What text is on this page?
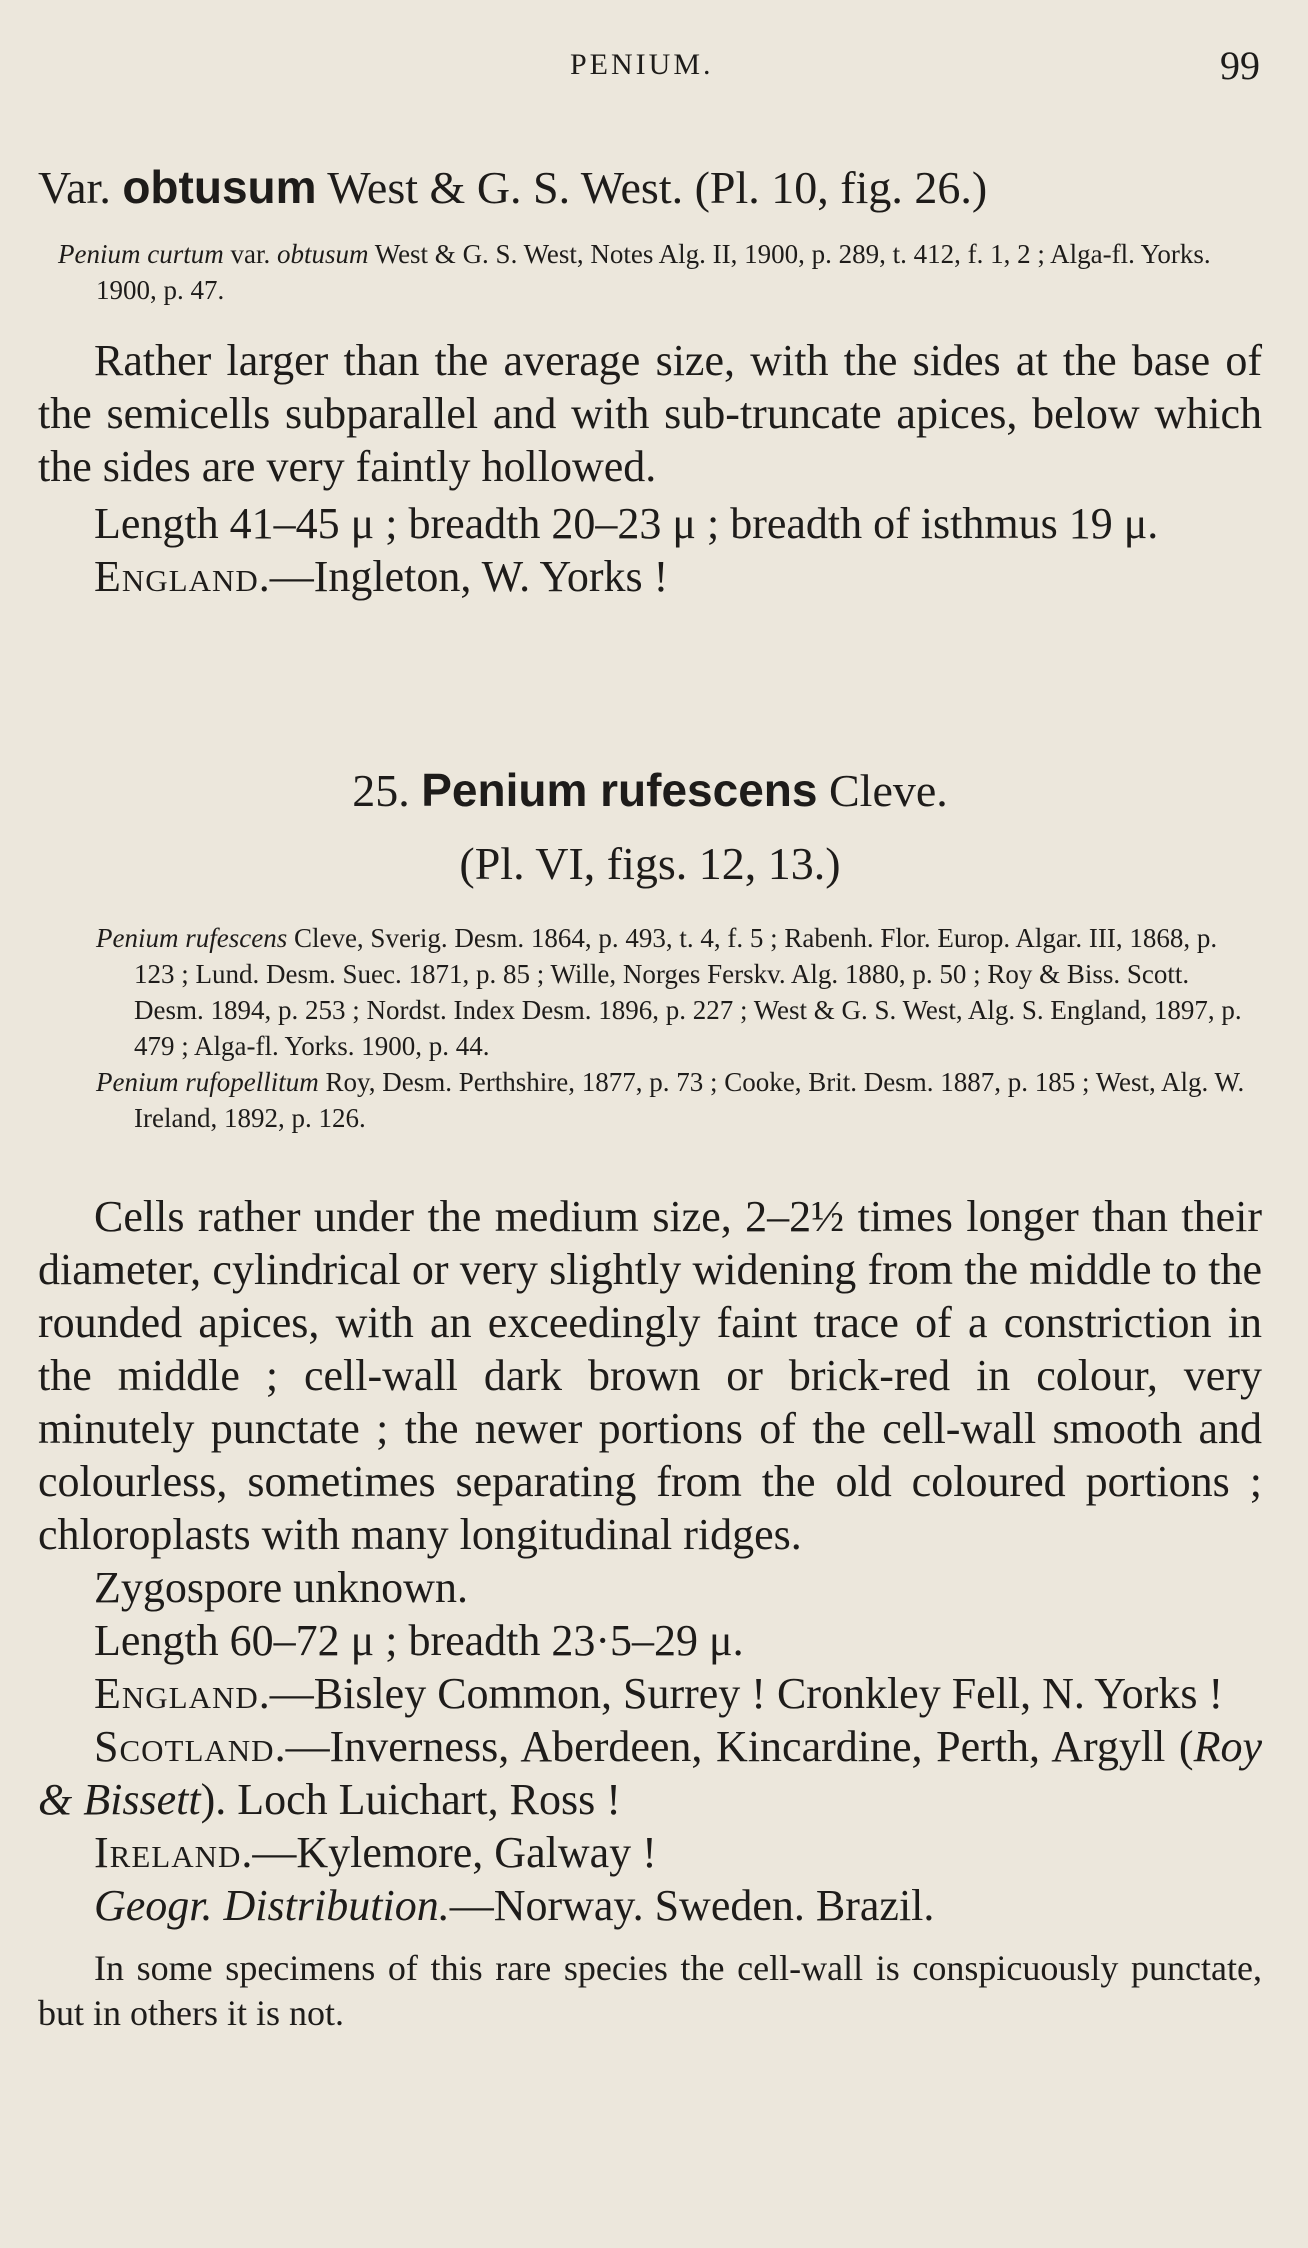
PENIUM.	99

Var. obtusum West & G. S. West. (Pl. 10, fig. 26.)

Penium curtum var. obtusum West & G. S. West, Notes Alg. II, 1900, p. 289, t. 412, f. 1, 2 ; Alga-fl. Yorks. 1900, p. 47.

Rather larger than the average size, with the sides at the base of the semicells subparallel and with sub-truncate apices, below which the sides are very faintly hollowed.

Length 41–45 μ ; breadth 20–23 μ ; breadth of isthmus 19 μ.

England.—Ingleton, W. Yorks !

25. Penium rufescens Cleve.

(Pl. VI, figs. 12, 13.)

Penium rufescens Cleve, Sverig. Desm. 1864, p. 493, t. 4, f. 5 ; Rabenh. Flor. Europ. Algar. III, 1868, p. 123 ; Lund. Desm. Suec. 1871, p. 85 ; Wille, Norges Ferskv. Alg. 1880, p. 50 ; Roy & Biss. Scott. Desm. 1894, p. 253 ; Nordst. Index Desm. 1896, p. 227 ; West & G. S. West, Alg. S. England, 1897, p. 479 ; Alga-fl. Yorks. 1900, p. 44.

Penium rufopellitum Roy, Desm. Perthshire, 1877, p. 73 ; Cooke, Brit. Desm. 1887, p. 185 ; West, Alg. W. Ireland, 1892, p. 126.

Cells rather under the medium size, 2–2½ times longer than their diameter, cylindrical or very slightly widening from the middle to the rounded apices, with an exceedingly faint trace of a constriction in the middle ; cell-wall dark brown or brick-red in colour, very minutely punctate ; the newer portions of the cell-wall smooth and colourless, sometimes separating from the old coloured portions ; chloroplasts with many longitudinal ridges.

Zygospore unknown.

Length 60–72 μ ; breadth 23·5–29 μ.

England.—Bisley Common, Surrey ! Cronkley Fell, N. Yorks !

Scotland.—Inverness, Aberdeen, Kincardine, Perth, Argyll (Roy & Bissett). Loch Luichart, Ross !

Ireland.—Kylemore, Galway !

Geogr. Distribution.—Norway. Sweden. Brazil.

In some specimens of this rare species the cell-wall is conspicuously punctate, but in others it is not.
